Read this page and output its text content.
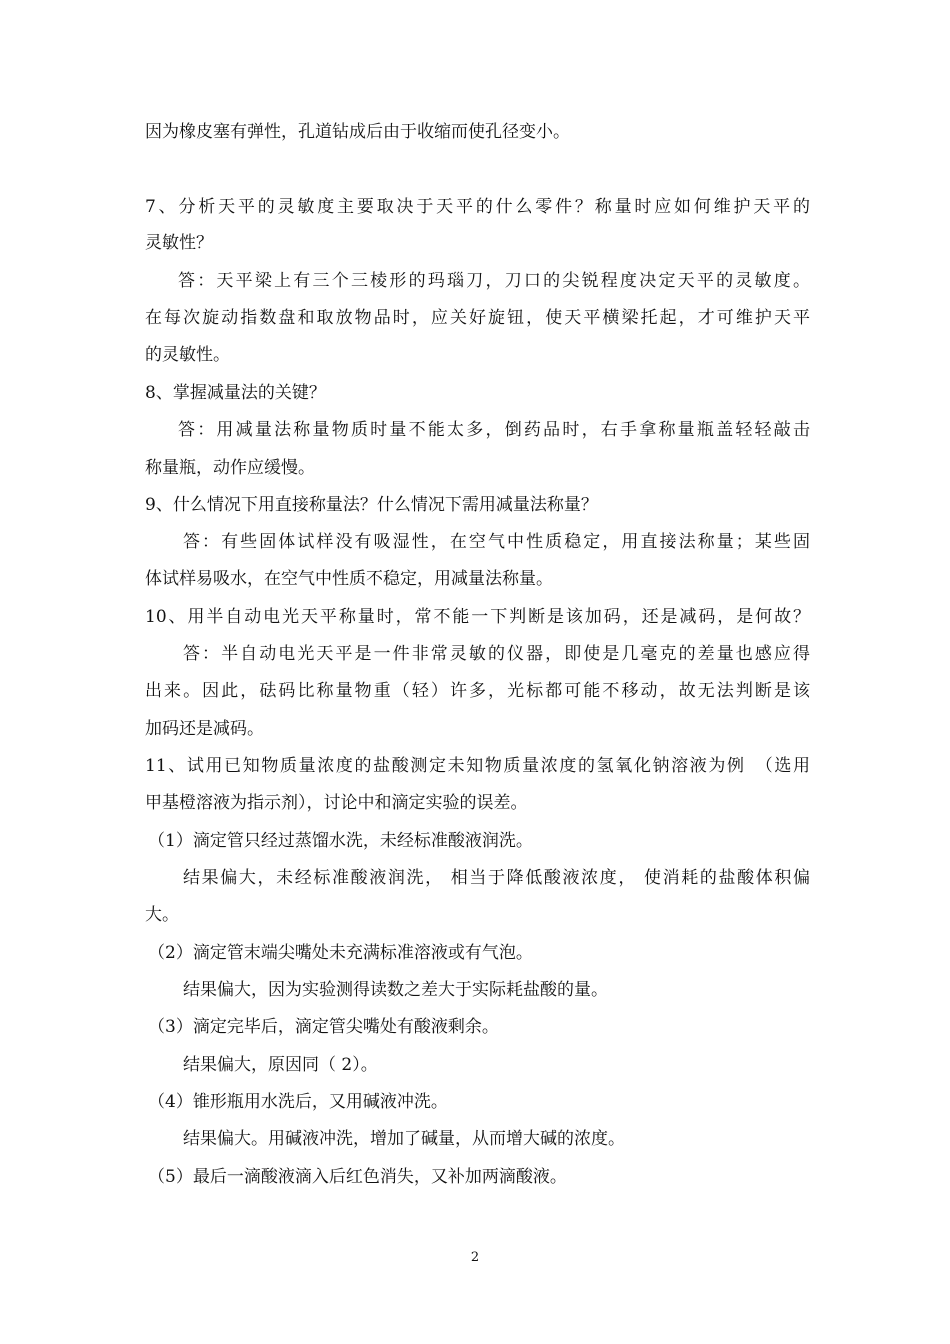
因为橡皮塞有弹性，孔道钻成后由于收缩而使孔径变小。
7、分析天平的灵敏度主要取决于天平的什么零件？称量时应如何维护天平的
灵敏性？
答：天平梁上有三个三棱形的玛瑙刀，刀口的尖锐程度决定天平的灵敏度。
在每次旋动指数盘和取放物品时，应关好旋钮，使天平横梁托起，才可维护天平
的灵敏性。
8、掌握减量法的关键？
答：用减量法称量物质时量不能太多，倒药品时，右手拿称量瓶盖轻轻敲击
称量瓶，动作应缓慢。
9、什么情况下用直接称量法？什么情况下需用减量法称量？
答：有些固体试样没有吸湿性，在空气中性质稳定，用直接法称量；某些固
体试样易吸水，在空气中性质不稳定，用减量法称量。
10、用半自动电光天平称量时，常不能一下判断是该加码，还是减码，是何故？
答：半自动电光天平是一件非常灵敏的仪器，即使是几毫克的差量也感应得
出来。因此，砝码比称量物重（轻）许多，光标都可能不移动，故无法判断是该
加码还是减码。
11、试用已知物质量浓度的盐酸测定未知物质量浓度的氢氧化钠溶液为例　（选用
甲基橙溶液为指示剂），讨论中和滴定实验的误差。
（1）滴定管只经过蒸馏水洗，未经标准酸液润洗。
结果偏大，未经标准酸液润洗， 相当于降低酸液浓度， 使消耗的盐酸体积偏
大。
（2）滴定管末端尖嘴处未充满标准溶液或有气泡。
结果偏大，因为实验测得读数之差大于实际耗盐酸的量。
（3）滴定完毕后，滴定管尖嘴处有酸液剩余。
结果偏大，原因同（ 2）。
（4）锥形瓶用水洗后，又用碱液冲洗。
结果偏大。用碱液冲洗，增加了碱量，从而增大碱的浓度。
（5）最后一滴酸液滴入后红色消失，又补加两滴酸液。
2
